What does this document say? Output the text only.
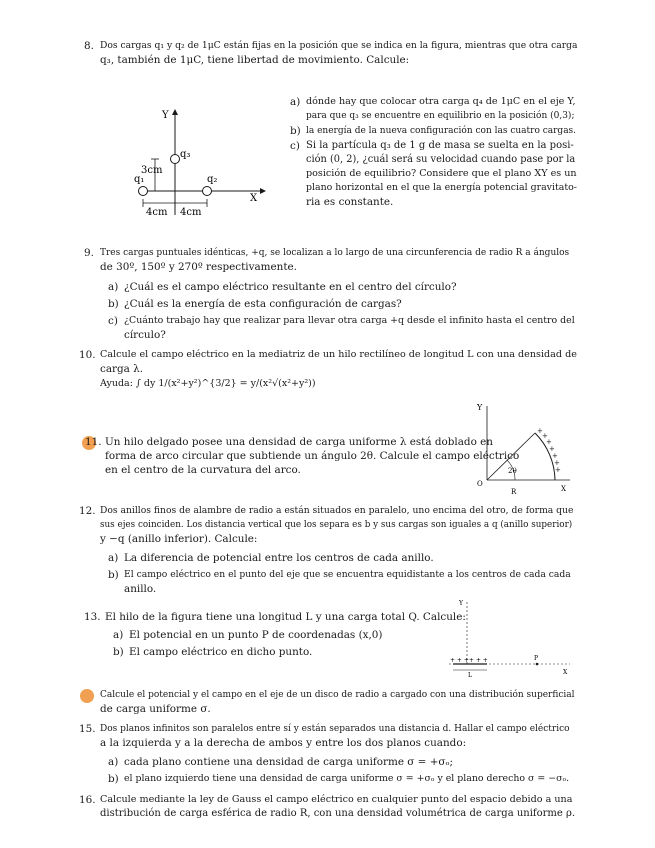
8. Dos cargas q₁ y q₂ de 1μC están fijas en la posición que se indica en la figura, mientras que otra carga
q₃, también de 1μC, tiene libertad de movimiento. Calcule:
Y
X
q₃
q₁	q₂
3cm
4cm 4cm
a) dónde hay que colocar otra carga q₄ de 1μC en el eje Y,
para que q₃ se encuentre en equilibrio en la posición (0,3);
b) la energía de la nueva configuración con las cuatro cargas.
c) Si la partícula q₃ de 1 g de masa se suelta en la posi-
ción (0, 2), ¿cuál será su velocidad cuando pase por la
posición de equilibrio? Considere que el plano XY es un
plano horizontal en el que la energía potencial gravitato-
ria es constante.
9. Tres cargas puntuales idénticas, +q, se localizan a lo largo de una circunferencia de radio R a ángulos
de 30º, 150º y 270º respectivamente.
a) ¿Cuál es el campo eléctrico resultante en el centro del círculo?
b) ¿Cuál es la energía de esta configuración de cargas?
c) ¿Cuánto trabajo hay que realizar para llevar otra carga +q desde el infinito hasta el centro del
círculo?
10. Calcule el campo eléctrico en la mediatriz de un hilo rectilíneo de longitud L con una densidad de
carga λ.
Ayuda: ∫ dy 1/(x²+y²)^{3/2} = y/(x²√(x²+y²))
11. Un hilo delgado posee una densidad de carga uniforme λ está doblado en
forma de arco circular que subtiende un ángulo 2θ. Calcule el campo eléctrico
en el centro de la curvatura del arco.
+
+
+
+
+
+
+
Y
O
R	X
2θ
12. Dos anillos finos de alambre de radio a están situados en paralelo, uno encima del otro, de forma que
sus ejes coinciden. Los distancia vertical que los separa es b y sus cargas son iguales a q (anillo superior)
y −q (anillo inferior). Calcule:
a) La diferencia de potencial entre los centros de cada anillo.
b) El campo eléctrico en el punto del eje que se encuentra equidistante a los centros de cada cada
anillo.
13. El hilo de la figura tiene una longitud L y una carga total Q. Calcule:
a) El potencial en un punto P de coordenadas (x,0)
b) El campo eléctrico en dicho punto.
Y
+ + ++ + +
L
P
X
Calcule el potencial y el campo en el eje de un disco de radio a cargado con una distribución superficial
de carga uniforme σ.
15. Dos planos infinitos son paralelos entre sí y están separados una distancia d. Hallar el campo eléctrico
a la izquierda y a la derecha de ambos y entre los dos planos cuando:
a) cada plano contiene una densidad de carga uniforme σ = +σₒ;
b) el plano izquierdo tiene una densidad de carga uniforme σ = +σₒ y el plano derecho σ = −σₒ.
16. Calcule mediante la ley de Gauss el campo eléctrico en cualquier punto del espacio debido a una
distribución de carga esférica de radio R, con una densidad volumétrica de carga uniforme ρ.
